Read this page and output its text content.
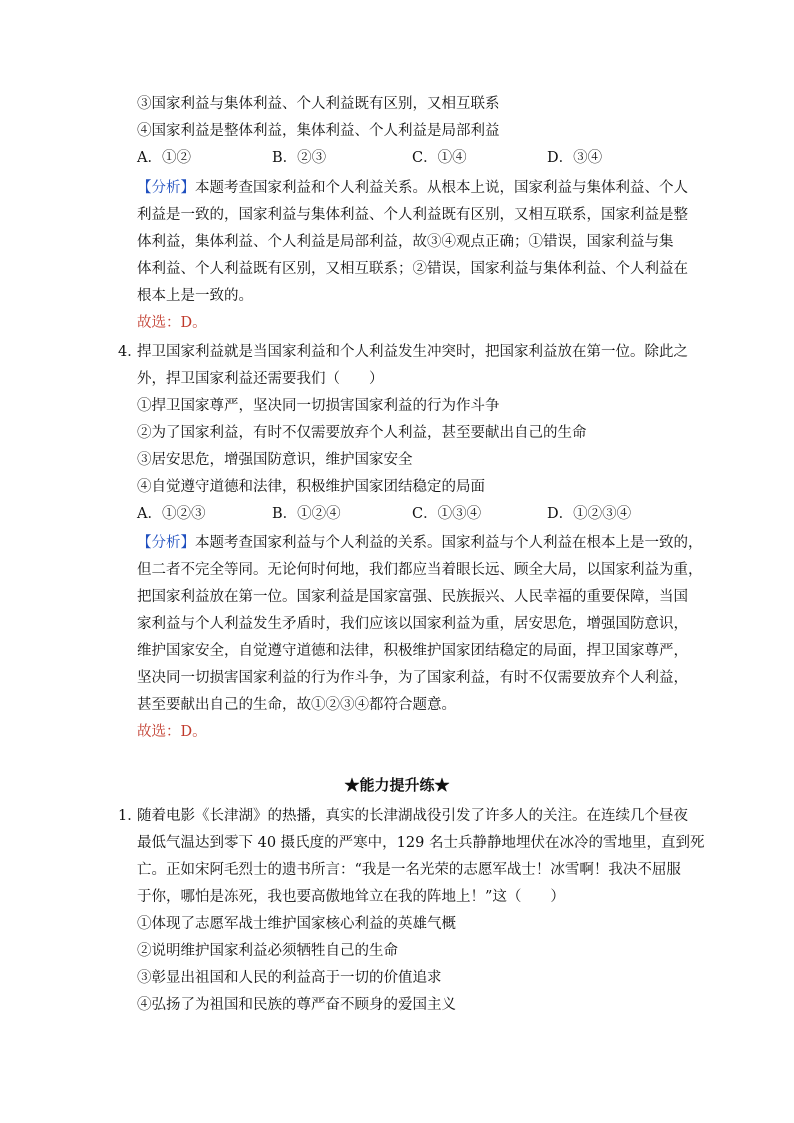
③国家利益与集体利益、个人利益既有区别，又相互联系
④国家利益是整体利益，集体利益、个人利益是局部利益
A．①②	B．②③	C．①④	D．③④
【分析】本题考查国家利益和个人利益关系。从根本上说，国家利益与集体利益、个人
利益是一致的，国家利益与集体利益、个人利益既有区别，又相互联系，国家利益是整
体利益，集体利益、个人利益是局部利益，故③④观点正确；①错误，国家利益与集
体利益、个人利益既有区别，又相互联系；②错误，国家利益与集体利益、个人利益在
根本上是一致的。
故选：D。
4．
捍卫国家利益就是当国家利益和个人利益发生冲突时，把国家利益放在第一位。除此之
外，捍卫国家利益还需要我们（　　）
①捍卫国家尊严，坚决同一切损害国家利益的行为作斗争
②为了国家利益，有时不仅需要放弃个人利益，甚至要献出自己的生命
③居安思危，增强国防意识，维护国家安全
④自觉遵守道德和法律，积极维护国家团结稳定的局面
A．①②③	B．①②④	C．①③④	D．①②③④
【分析】本题考查国家利益与个人利益的关系。国家利益与个人利益在根本上是一致的，
但二者不完全等同。无论何时何地，我们都应当着眼长远、顾全大局，以国家利益为重，
把国家利益放在第一位。国家利益是国家富强、民族振兴、人民幸福的重要保障，当国
家利益与个人利益发生矛盾时，我们应该以国家利益为重，居安思危，增强国防意识，
维护国家安全，自觉遵守道德和法律，积极维护国家团结稳定的局面，捍卫国家尊严，
坚决同一切损害国家利益的行为作斗争，为了国家利益，有时不仅需要放弃个人利益，
甚至要献出自己的生命，故①②③④都符合题意。
故选：D。
★能力提升练★
1．
随着电影《长津湖》的热播，真实的长津湖战役引发了许多人的关注。在连续几个昼夜
最低气温达到零下 40 摄氏度的严寒中，129 名士兵静静地埋伏在冰冷的雪地里，直到死
亡。正如宋阿毛烈士的遗书所言：“我是一名光荣的志愿军战士！冰雪啊！我决不屈服
于你，哪怕是冻死，我也要高傲地耸立在我的阵地上！”这（　　）
①体现了志愿军战士维护国家核心利益的英雄气概
②说明维护国家利益必须牺牲自己的生命
③彰显出祖国和人民的利益高于一切的价值追求
④弘扬了为祖国和民族的尊严奋不顾身的爱国主义
